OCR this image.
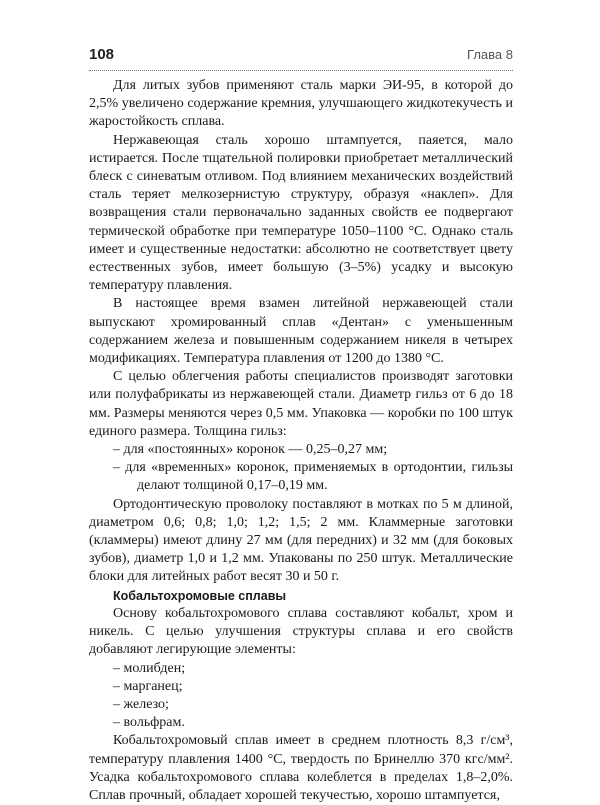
108	Глава 8

Для литых зубов применяют сталь марки ЭИ-95, в которой до 2,5% увеличено содержание кремния, улучшающего жидкотекучесть и жаростойкость сплава.

Нержавеющая сталь хорошо штампуется, паяется, мало истирается. После тщательной полировки приобретает металлический блеск с синеватым отливом. Под влиянием механических воздействий сталь теряет мелкозернистую структуру, образуя «наклеп». Для возвращения стали первоначально заданных свойств ее подвергают термической обработке при температуре 1050–1100 °С. Однако сталь имеет и существенные недостатки: абсолютно не соответствует цвету естественных зубов, имеет большую (3–5%) усадку и высокую температуру плавления.

В настоящее время взамен литейной нержавеющей стали выпускают хромированный сплав «Дентан» с уменьшенным содержанием железа и повышенным содержанием никеля в четырех модификациях. Температура плавления от 1200 до 1380 °С.

С целью облегчения работы специалистов производят заготовки или полуфабрикаты из нержавеющей стали. Диаметр гильз от 6 до 18 мм. Размеры меняются через 0,5 мм. Упаковка — коробки по 100 штук единого размера. Толщина гильз:

– для «постоянных» коронок — 0,25–0,27 мм;

– для «временных» коронок, применяемых в ортодонтии, гильзы делают толщиной 0,17–0,19 мм.

Ортодонтическую проволоку поставляют в мотках по 5 м длиной, диаметром 0,6; 0,8; 1,0; 1,2; 1,5; 2 мм. Кламмерные заготовки (кламмеры) имеют длину 27 мм (для передних) и 32 мм (для боковых зубов), диаметр 1,0 и 1,2 мм. Упакованы по 250 штук. Металлические блоки для литейных работ весят 30 и 50 г.

Кобальтохромовые сплавы

Основу кобальтохромового сплава составляют кобальт, хром и никель. С целью улучшения структуры сплава и его свойств добавляют легирующие элементы:

– молибден;

– марганец;

– железо;

– вольфрам.

Кобальтохромовый сплав имеет в среднем плотность 8,3 г/см³, температуру плавления 1400 °С, твердость по Бринеллю 370 кгс/мм². Усадка кобальтохромового сплава колеблется в пределах 1,8–2,0%. Сплав прочный, обладает хорошей текучестью, хорошо штампуется,
